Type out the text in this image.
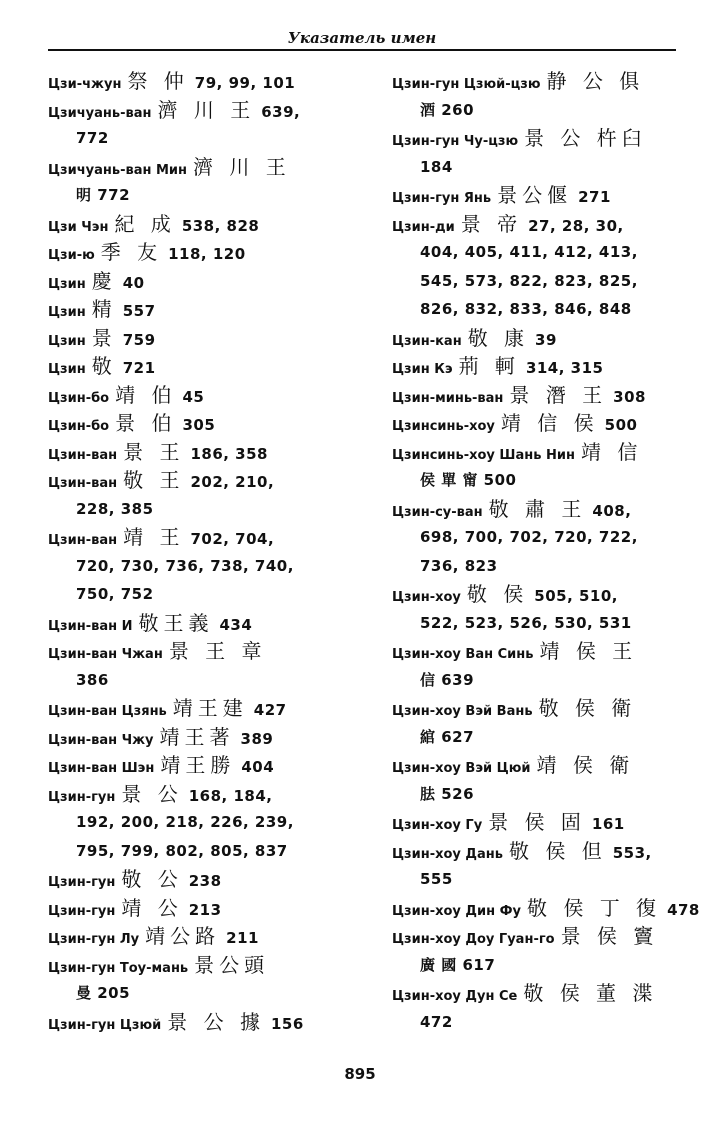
Указатель имен
Цзи-чжун 祭 仲 79, 99, 101
Цзичуань-ван 濟 川 王 639,
772
Цзичуань-ван Мин 濟 川 王
明 772
Цзи Чэн 紀 成 538, 828
Цзи-ю 季 友 118, 120
Цзин 慶 40
Цзин 精 557
Цзин 景 759
Цзин 敬 721
Цзин-бо 靖 伯 45
Цзин-бо 景 伯 305
Цзин-ван 景 王 186, 358
Цзин-ван 敬 王 202, 210,
228, 385
Цзин-ван 靖 王 702, 704,
720, 730, 736, 738, 740,
750, 752
Цзин-ван И 敬王義 434
Цзин-ван Чжан 景 王 章
386
Цзин-ван Цзянь 靖王建 427
Цзин-ван Чжу 靖王著 389
Цзин-ван Шэн 靖王勝 404
Цзин-гун 景 公 168, 184,
192, 200, 218, 226, 239,
795, 799, 802, 805, 837
Цзин-гун 敬 公 238
Цзин-гун 靖 公 213
Цзин-гун Лу 靖公路 211
Цзин-гун Тоу-мань 景公頭
曼 205
Цзин-гун Цзюй 景 公 據 156
Цзин-гун Цзюй-цзю 静 公 俱
酒 260
Цзин-гун Чу-цзю 景 公 杵臼
184
Цзин-гун Янь 景公偃 271
Цзин-ди 景 帝 27, 28, 30,
404, 405, 411, 412, 413,
545, 573, 822, 823, 825,
826, 832, 833, 846, 848
Цзин-кан 敬 康 39
Цзин Кэ 荊 軻 314, 315
Цзин-минь-ван 景 潛 王 308
Цзинсинь-хоу 靖 信 侯 500
Цзинсинь-хоу Шань Нин 靖 信
侯 單 甯 500
Цзин-су-ван 敬 肅 王 408,
698, 700, 702, 720, 722,
736, 823
Цзин-хоу 敬 侯 505, 510,
522, 523, 526, 530, 531
Цзин-хоу Ван Синь 靖 侯 王
信 639
Цзин-хоу Вэй Вань 敬 侯 衛
綰 627
Цзин-хоу Вэй Цюй 靖 侯 衛
胠 526
Цзин-хоу Гу 景 侯 固 161
Цзин-хоу Дань 敬 侯 但 553,
555
Цзин-хоу Дин Фу 敬 侯 丁 復 478
Цзин-хоу Доу Гуан-го 景 侯 竇
廣 國 617
Цзин-хоу Дун Се 敬 侯 董 渫
472
895
